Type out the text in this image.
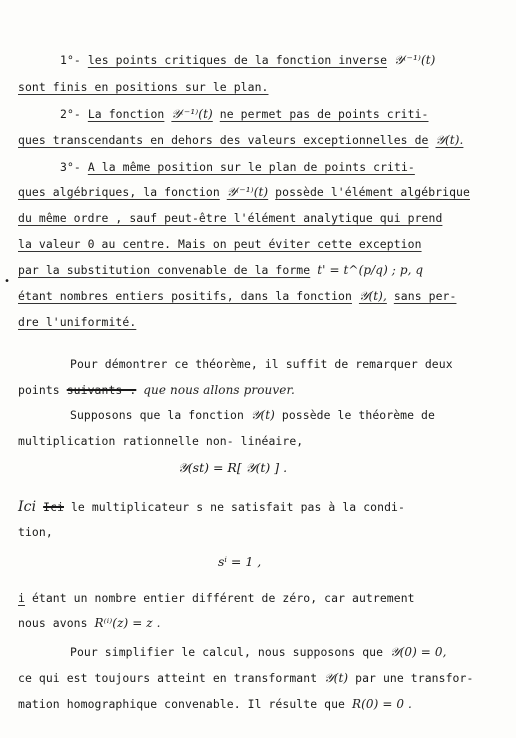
1°- les points critiques de la fonction inverse 𝒴⁽⁻¹⁾(t)
sont finis en positions sur le plan.
2°- La fonction 𝒴⁽⁻¹⁾(t) ne permet pas de points criti-
ques transcendants en dehors des valeurs exceptionnelles de 𝒴(t).
3°- A la même position sur le plan de points criti-
ques algébriques, la fonction 𝒴⁽⁻¹⁾(t) possède l'élément algébrique
du même ordre , sauf peut-être l'élément analytique qui prend
la valeur 0 au centre. Mais on peut éviter cette exception
par la substitution convenable de la forme t' = t^(p/q) ; p, q
•
étant nombres entiers positifs, dans la fonction 𝒴(t), sans per-
dre l'uniformité.
Pour démontrer ce théorème, il suffit de remarquer deux
points suivants . que nous allons prouver.
Supposons que la fonction 𝒴(t) possède le théorème de
multiplication rationnelle non- linéaire,
𝒴(st) = R[ 𝒴(t) ] .
Ici Ici le multiplicateur s ne satisfait pas à la condi-
tion,
sⁱ = 1 ,
i étant un nombre entier différent de zéro, car autrement
nous avons R⁽ⁱ⁾(z) = z .
Pour simplifier le calcul, nous supposons que 𝒴(0) = 0,
ce qui est toujours atteint en transformant 𝒴(t) par une transfor-
mation homographique convenable. Il résulte que R(0) = 0 .
